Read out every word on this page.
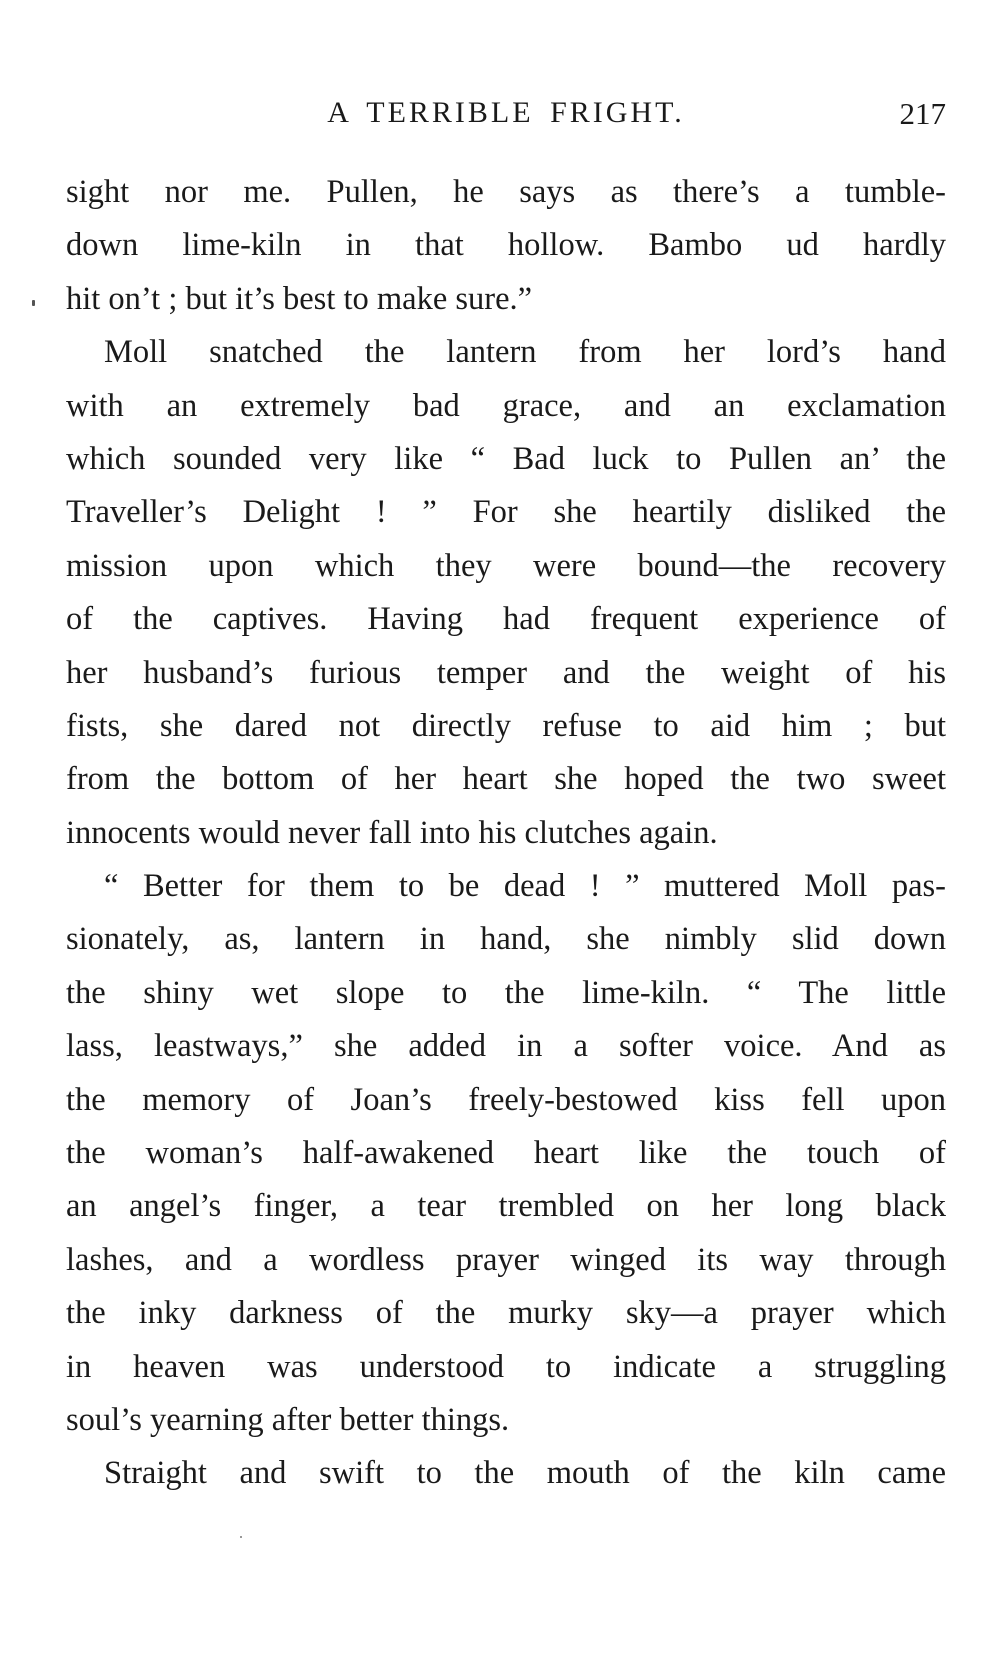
A TERRIBLE FRIGHT.	217
sight nor me. Pullen, he says as there’s a tumble-
down lime-kiln in that hollow. Bambo ud hardly
hit on’t ; but it’s best to make sure.”
Moll snatched the lantern from her lord’s hand
with an extremely bad grace, and an exclamation
which sounded very like “ Bad luck to Pullen an’ the
Traveller’s Delight ! ” For she heartily disliked the
mission upon which they were bound—the recovery
of the captives. Having had frequent experience of
her husband’s furious temper and the weight of his
fists, she dared not directly refuse to aid him ; but
from the bottom of her heart she hoped the two sweet
innocents would never fall into his clutches again.
“ Better for them to be dead ! ” muttered Moll pas-
sionately, as, lantern in hand, she nimbly slid down
the shiny wet slope to the lime-kiln. “ The little
lass, leastways,” she added in a softer voice. And as
the memory of Joan’s freely-bestowed kiss fell upon
the woman’s half-awakened heart like the touch of
an angel’s finger, a tear trembled on her long black
lashes, and a wordless prayer winged its way through
the inky darkness of the murky sky—a prayer which
in heaven was understood to indicate a struggling
soul’s yearning after better things.
Straight and swift to the mouth of the kiln came
